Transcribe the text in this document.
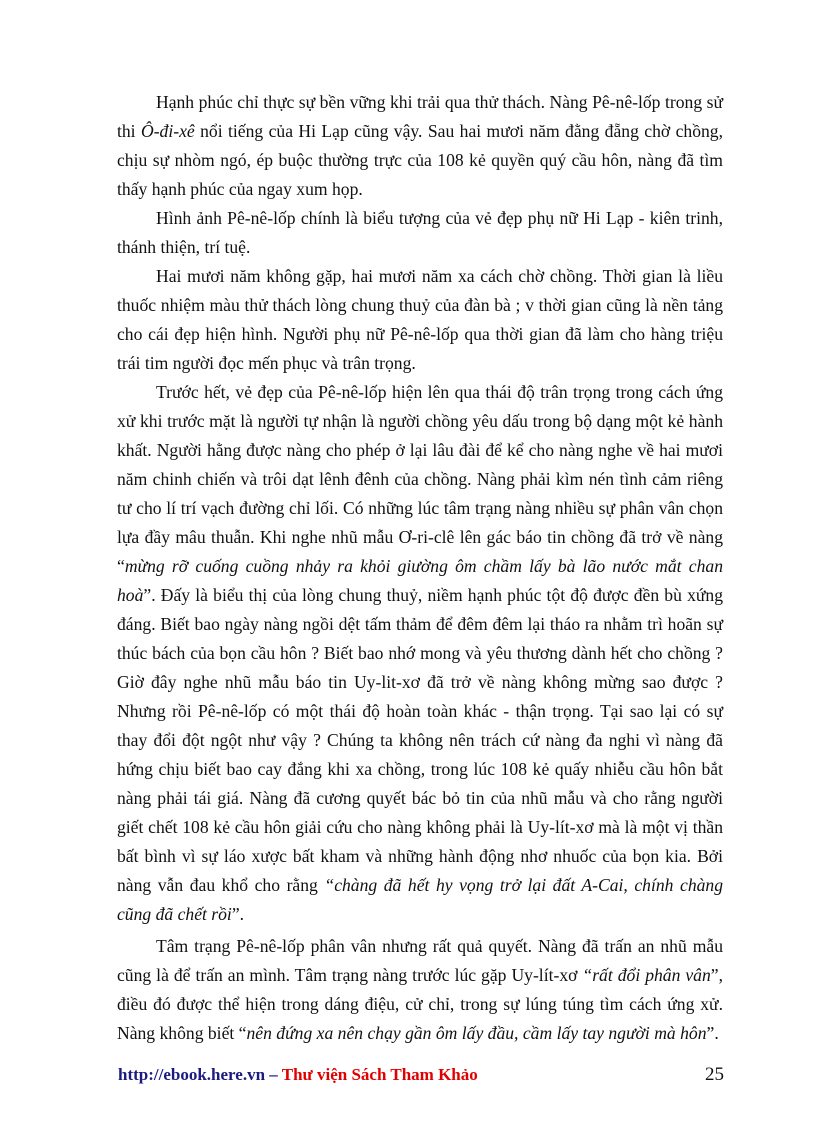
Hạnh phúc chỉ thực sự bền vững khi trải qua thử thách. Nàng Pê-nê-lốp trong sử thi Ô-đi-xê nổi tiếng của Hi Lạp cũng vậy. Sau hai mươi năm đằng đẵng chờ chồng, chịu sự nhòm ngó, ép buộc thường trực của 108 kẻ quyền quý cầu hôn, nàng đã tìm thấy hạnh phúc của ngay xum họp.

Hình ảnh Pê-nê-lốp chính là biểu tượng của vẻ đẹp phụ nữ Hi Lạp - kiên trinh, thánh thiện, trí tuệ.

Hai mươi năm không gặp, hai mươi năm xa cách chờ chồng. Thời gian là liều thuốc nhiệm màu thử thách lòng chung thuỷ của đàn bà ; v thời gian cũng là nền tảng cho cái đẹp hiện hình. Người phụ nữ Pê-nê-lốp qua thời gian đã làm cho hàng triệu trái tim người đọc mến phục và trân trọng.

Trước hết, vẻ đẹp của Pê-nê-lốp hiện lên qua thái độ trân trọng trong cách ứng xử khi trước mặt là người tự nhận là người chồng yêu dấu trong bộ dạng một kẻ hành khất. Người hằng được nàng cho phép ở lại lâu đài để kể cho nàng nghe về hai mươi năm chinh chiến và trôi dạt lênh đênh của chồng. Nàng phải kìm nén tình cảm riêng tư cho lí trí vạch đường chỉ lối. Có những lúc tâm trạng nàng nhiều sự phân vân chọn lựa đầy mâu thuẫn. Khi nghe nhũ mẫu Ơ-ri-clê lên gác báo tin chồng đã trở về nàng “mừng rỡ cuống cuồng nhảy ra khỏi giường ôm chầm lấy bà lão nước mắt chan hoà”. Đấy là biểu thị của lòng chung thuỷ, niềm hạnh phúc tột độ được đền bù xứng đáng. Biết bao ngày nàng ngồi dệt tấm thảm để đêm đêm lại tháo ra nhằm trì hoãn sự thúc bách của bọn cầu hôn ? Biết bao nhớ mong và yêu thương dành hết cho chồng ? Giờ đây nghe nhũ mẫu báo tin Uy-lit-xơ đã trở về nàng không mừng sao được ? Nhưng rồi Pê-nê-lốp có một thái độ hoàn toàn khác - thận trọng. Tại sao lại có sự thay đổi đột ngột như vậy ? Chúng ta không nên trách cứ nàng đa nghi vì nàng đã hứng chịu biết bao cay đắng khi xa chồng, trong lúc 108 kẻ quấy nhiễu cầu hôn bắt nàng phải tái giá. Nàng đã cương quyết bác bỏ tin của nhũ mẫu và cho rằng người giết chết 108 kẻ cầu hôn giải cứu cho nàng không phải là Uy-lít-xơ mà là một vị thần bất bình vì sự láo xược bất kham và những hành động nhơ nhuốc của bọn kia. Bởi nàng vẫn đau khổ cho rằng “chàng đã hết hy vọng trở lại đất A-Cai, chính chàng cũng đã chết rồi”.

Tâm trạng Pê-nê-lốp phân vân nhưng rất quả quyết. Nàng đã trấn an nhũ mẫu cũng là để trấn an mình. Tâm trạng nàng trước lúc gặp Uy-lít-xơ “rất đổi phân vân”, điều đó được thể hiện trong dáng điệu, cử chỉ, trong sự lúng túng tìm cách ứng xử. Nàng không biết “nên đứng xa nên chạy gần ôm lấy đầu, cầm lấy tay người mà hôn”.

http://ebook.here.vn – Thư viện Sách Tham Khảo	25
